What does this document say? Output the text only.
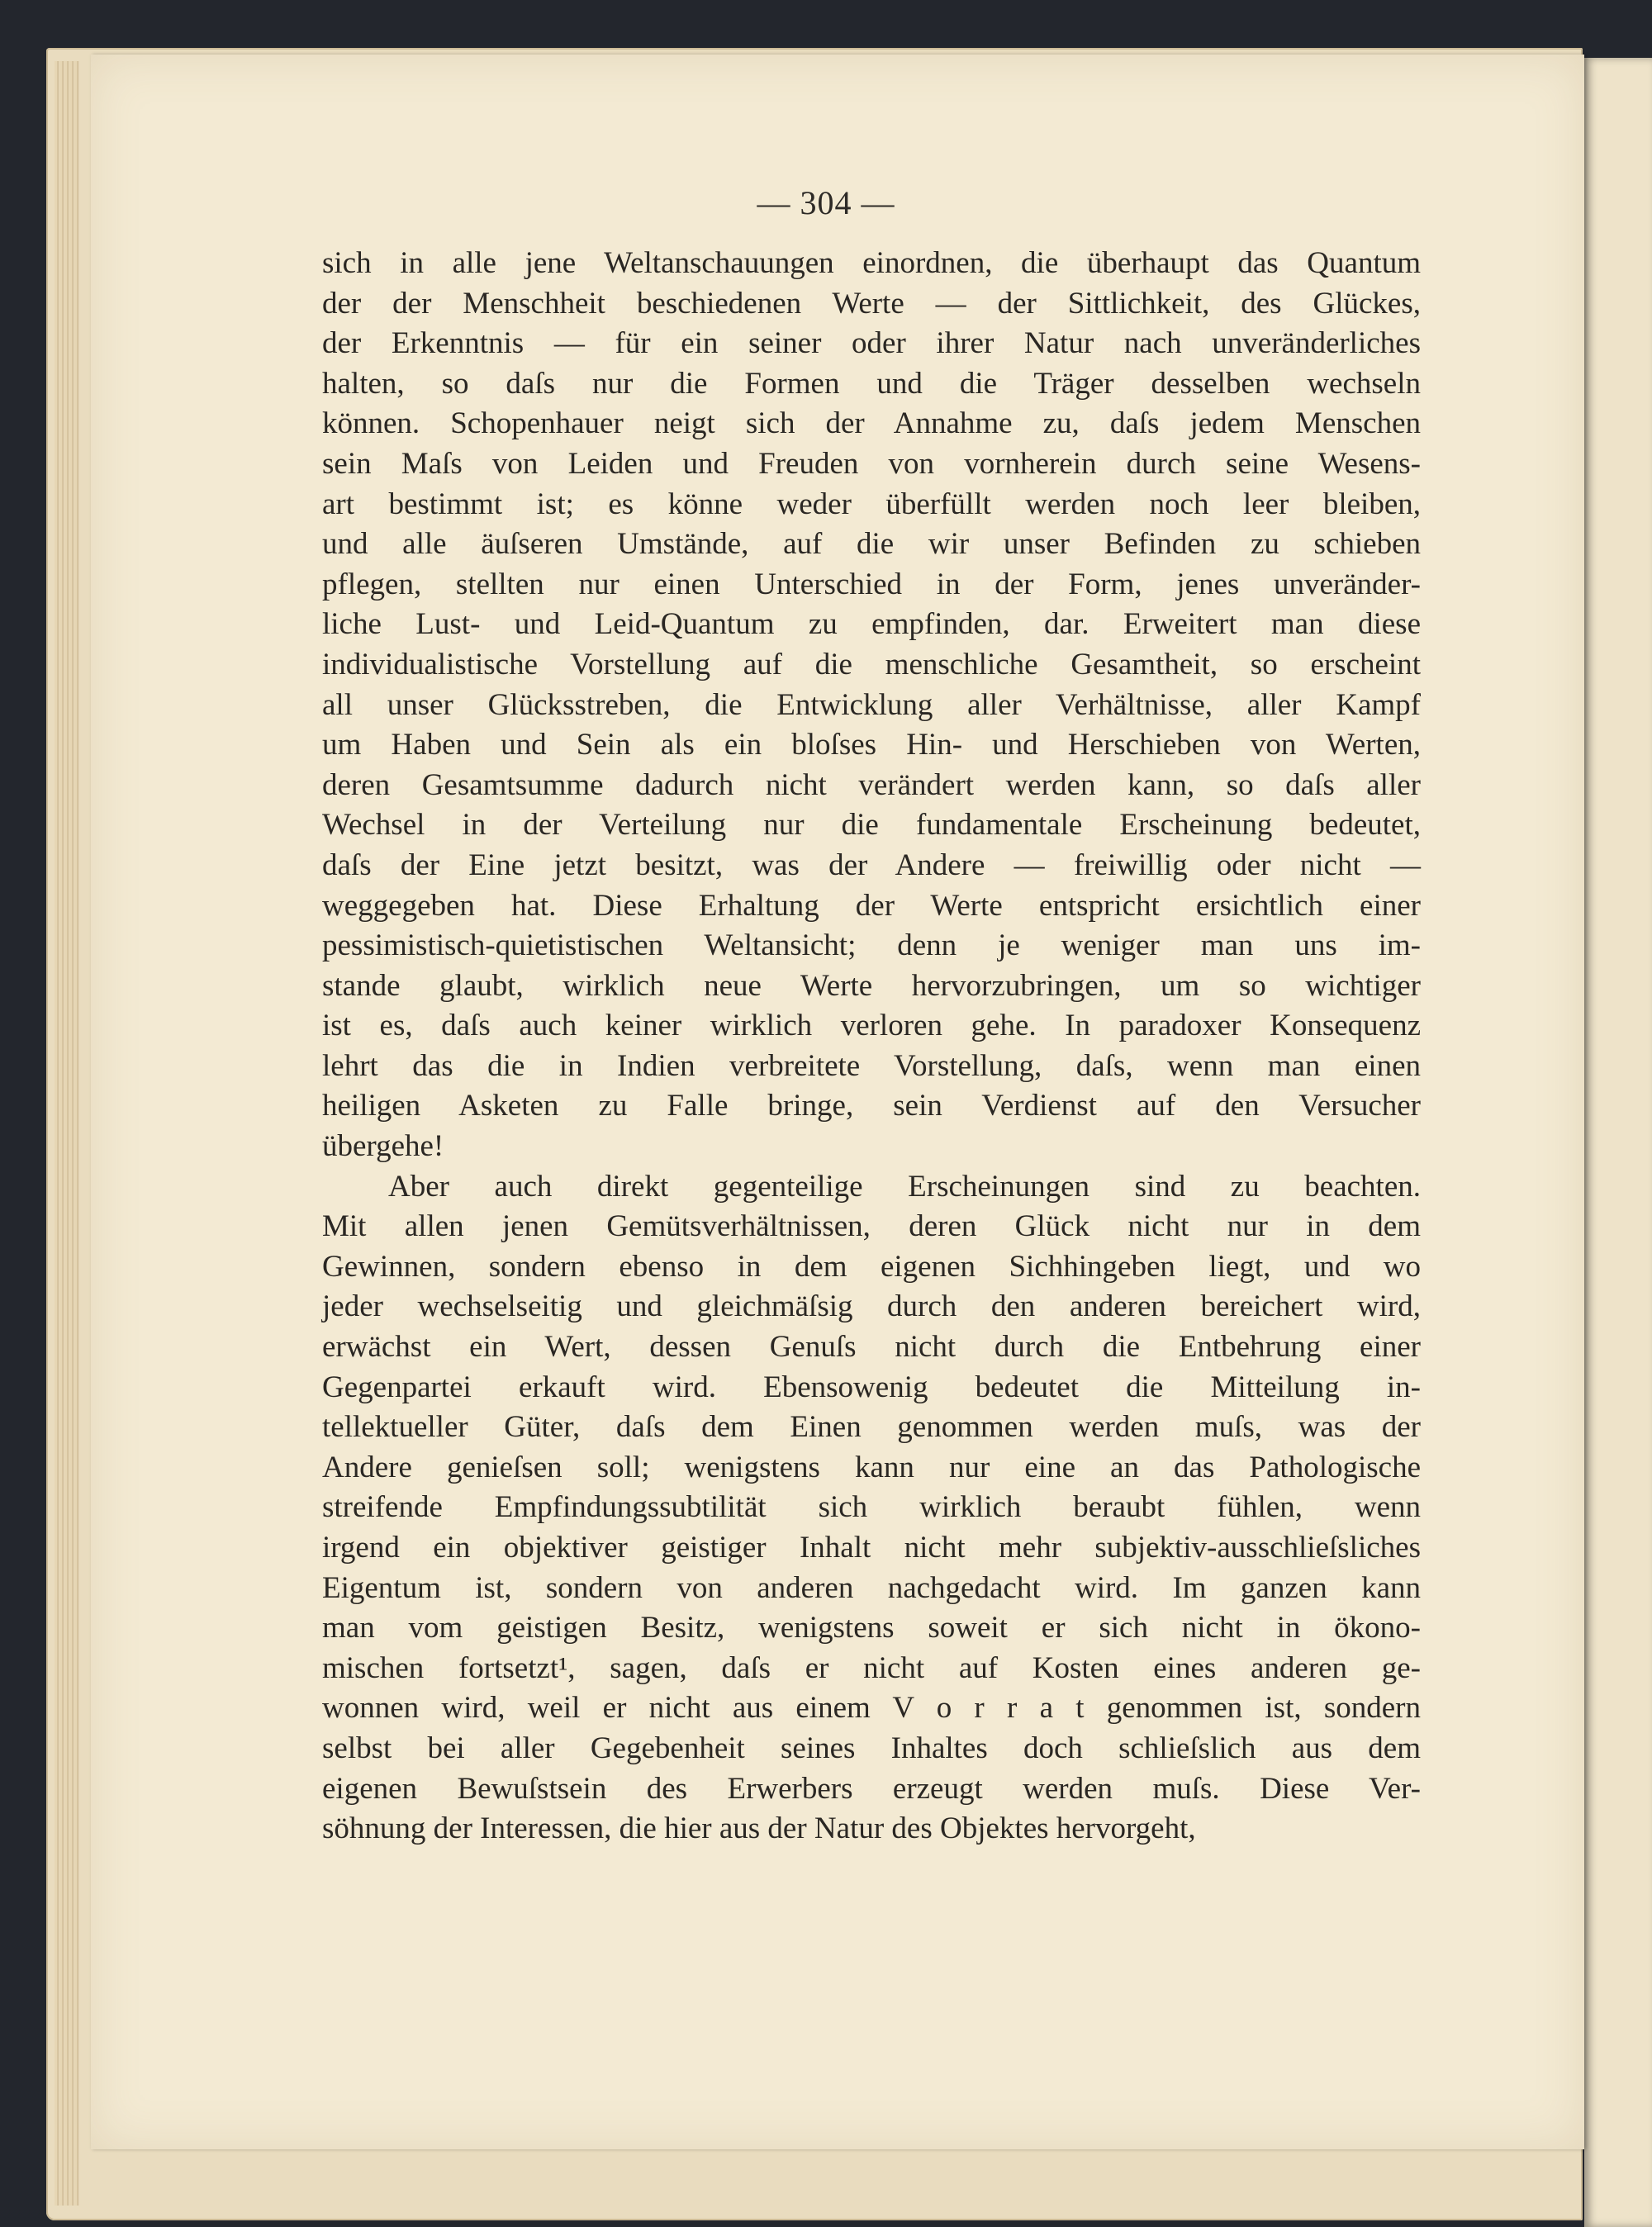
— 304 —
sich in alle jene Weltanschauungen einordnen, die überhaupt das Quantum
der der Menschheit beschiedenen Werte — der Sittlichkeit, des Glückes,
der Erkenntnis — für ein seiner oder ihrer Natur nach unveränderliches
halten, so daſs nur die Formen und die Träger desselben wechseln
können. Schopenhauer neigt sich der Annahme zu, daſs jedem Menschen
sein Maſs von Leiden und Freuden von vornherein durch seine Wesens-
art bestimmt ist; es könne weder überfüllt werden noch leer bleiben,
und alle äuſseren Umstände, auf die wir unser Befinden zu schieben
pflegen, stellten nur einen Unterschied in der Form, jenes unveränder-
liche Lust- und Leid-Quantum zu empfinden, dar. Erweitert man diese
individualistische Vorstellung auf die menschliche Gesamtheit, so erscheint
all unser Glücksstreben, die Entwicklung aller Verhältnisse, aller Kampf
um Haben und Sein als ein bloſses Hin- und Herschieben von Werten,
deren Gesamtsumme dadurch nicht verändert werden kann, so daſs aller
Wechsel in der Verteilung nur die fundamentale Erscheinung bedeutet,
daſs der Eine jetzt besitzt, was der Andere — freiwillig oder nicht —
weggegeben hat. Diese Erhaltung der Werte entspricht ersichtlich einer
pessimistisch-quietistischen Weltansicht; denn je weniger man uns im-
stande glaubt, wirklich neue Werte hervorzubringen, um so wichtiger
ist es, daſs auch keiner wirklich verloren gehe. In paradoxer Konsequenz
lehrt das die in Indien verbreitete Vorstellung, daſs, wenn man einen
heiligen Asketen zu Falle bringe, sein Verdienst auf den Versucher
übergehe!
Aber auch direkt gegenteilige Erscheinungen sind zu beachten.
Mit allen jenen Gemütsverhältnissen, deren Glück nicht nur in dem
Gewinnen, sondern ebenso in dem eigenen Sichhingeben liegt, und wo
jeder wechselseitig und gleichmäſsig durch den anderen bereichert wird,
erwächst ein Wert, dessen Genuſs nicht durch die Entbehrung einer
Gegenpartei erkauft wird. Ebensowenig bedeutet die Mitteilung in-
tellektueller Güter, daſs dem Einen genommen werden muſs, was der
Andere genieſsen soll; wenigstens kann nur eine an das Pathologische
streifende Empfindungssubtilität sich wirklich beraubt fühlen, wenn
irgend ein objektiver geistiger Inhalt nicht mehr subjektiv-ausschlieſsliches
Eigentum ist, sondern von anderen nachgedacht wird. Im ganzen kann
man vom geistigen Besitz, wenigstens soweit er sich nicht in ökono-
mischen fortsetzt¹, sagen, daſs er nicht auf Kosten eines anderen ge-
wonnen wird, weil er nicht aus einem V o r r a t genommen ist, sondern
selbst bei aller Gegebenheit seines Inhaltes doch schlieſslich aus dem
eigenen Bewuſstsein des Erwerbers erzeugt werden muſs. Diese Ver-
söhnung der Interessen, die hier aus der Natur des Objektes hervorgeht,
